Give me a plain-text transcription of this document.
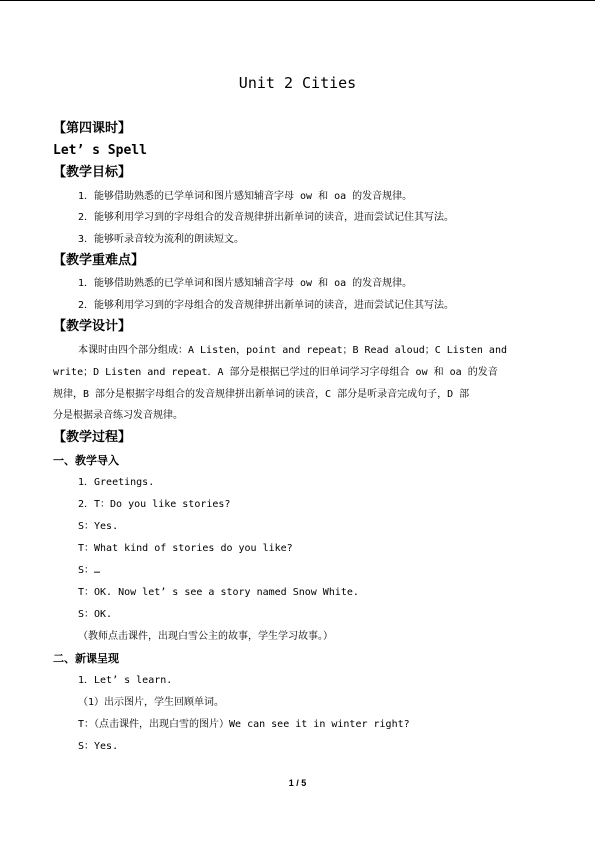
Unit 2 Cities
【第四课时】
Let’ s Spell
【教学目标】
1．能够借助熟悉的已学单词和图片感知辅音字母 ow 和 oa 的发音规律。
2．能够利用学习到的字母组合的发音规律拼出新单词的读音，进而尝试记住其写法。
3．能够听录音较为流利的朗读短文。
【教学重难点】
1．能够借助熟悉的已学单词和图片感知辅音字母 ow 和 oa 的发音规律。
2．能够利用学习到的字母组合的发音规律拼出新单词的读音，进而尝试记住其写法。
【教学设计】
本课时由四个部分组成：A Listen，point and repeat；B Read aloud；C Listen and
write；D Listen and repeat．A 部分是根据已学过的旧单词学习字母组合 ow 和 oa 的发音
规律，B 部分是根据字母组合的发音规律拼出新单词的读音，C 部分是听录音完成句子，D 部
分是根据录音练习发音规律。
【教学过程】
一、教学导入
1．Greetings.
2．T：Do you like stories?
S：Yes.
T：What kind of stories do you like?
S：…
T：OK. Now let’ s see a story named Snow White.
S：OK.
（教师点击课件，出现白雪公主的故事，学生学习故事。）
二、新课呈现
1．Let’ s learn.
（1）出示图片，学生回顾单词。
T：（点击课件，出现白雪的图片）We can see it in winter right?
S：Yes.
1 / 5
